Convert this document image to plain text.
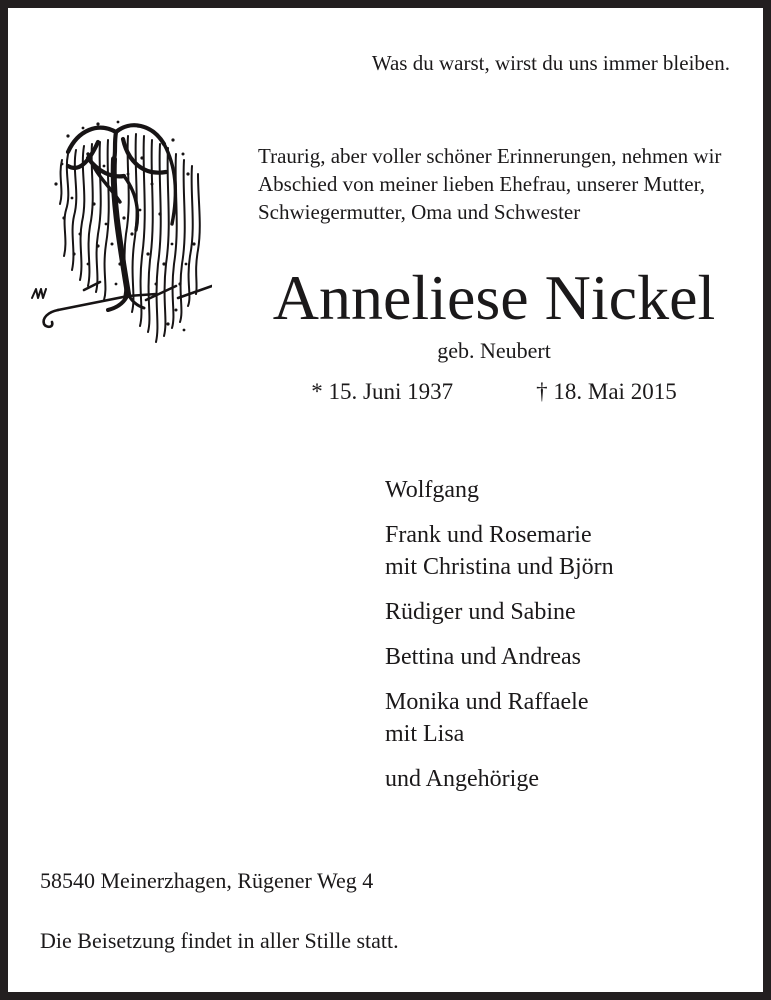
Was du warst, wirst du uns immer bleiben.
Traurig, aber voller schöner Erinnerungen, nehmen wir Abschied von meiner lieben Ehefrau, unserer Mutter, Schwiegermutter, Oma und Schwester
Anneliese Nickel
geb. Neubert
* 15. Juni 1937	† 18. Mai 2015
Wolfgang
Frank und Rosemarie
mit Christina und Björn
Rüdiger und Sabine
Bettina und Andreas
Monika und Raffaele
mit Lisa
und Angehörige
58540 Meinerzhagen, Rügener Weg 4
Die Beisetzung findet in aller Stille statt.
